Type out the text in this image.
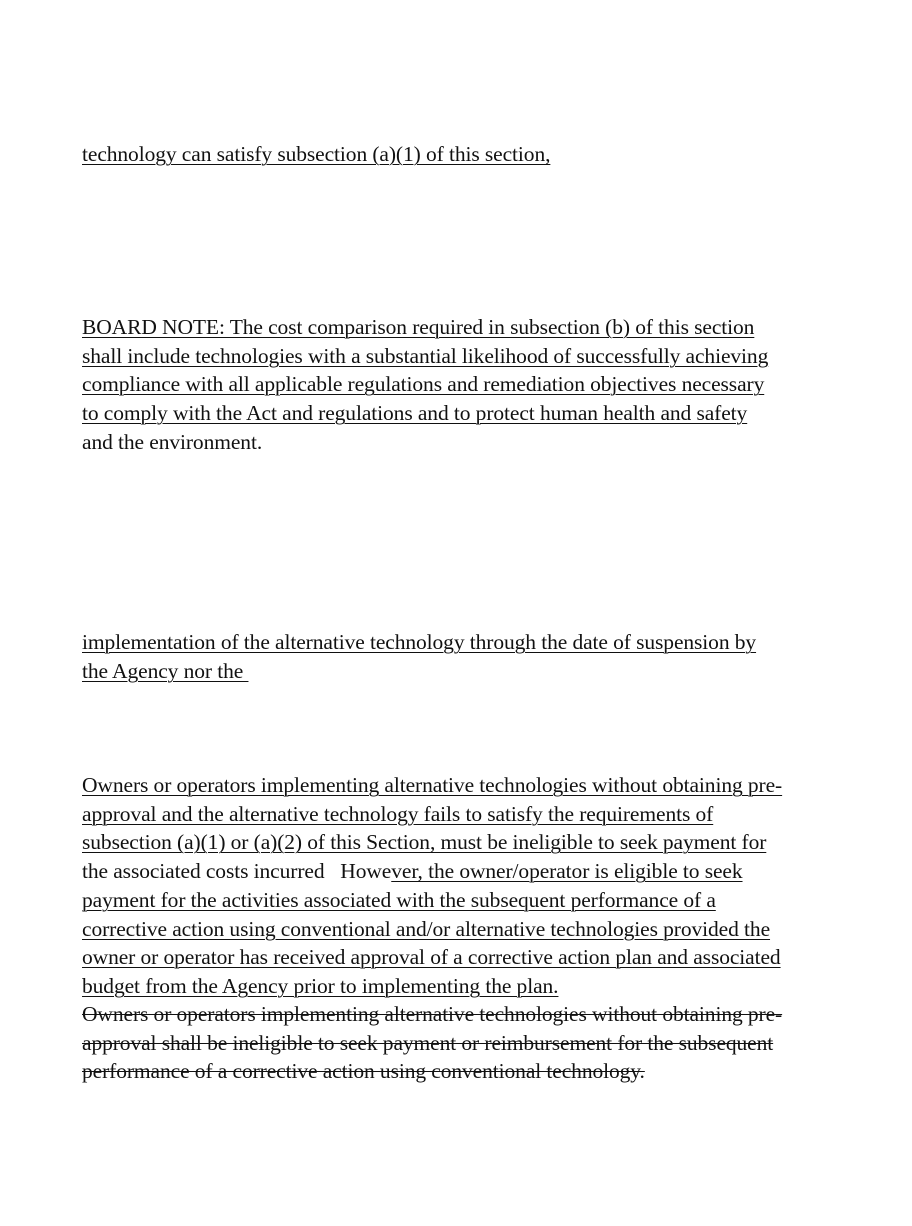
technology can satisfy subsection (a)(1) of this section,
BOARD NOTE: The cost comparison required in subsection (b) of this section
shall include technologies with a substantial likelihood of successfully achieving
compliance with all applicable regulations and remediation objectives necessary
to comply with the Act and regulations and to protect human health and safety
and the environment.
implementation of the alternative technology through the date of suspension by
the Agency nor the
Owners or operators implementing alternative technologies without obtaining pre-
approval and the alternative technology fails to satisfy the requirements of
subsection (a)(1) or (a)(2) of this Section, must be ineligible to seek payment for
the associated costs incurred   However, the owner/operator is eligible to seek
payment for the activities associated with the subsequent performance of a
corrective action using conventional and/or alternative technologies provided the
owner or operator has received approval of a corrective action plan and associated
budget from the Agency prior to implementing the plan.
Owners or operators implementing alternative technologies without obtaining pre-
approval shall be ineligible to seek payment or reimbursement for the subsequent
performance of a corrective action using conventional technology.
